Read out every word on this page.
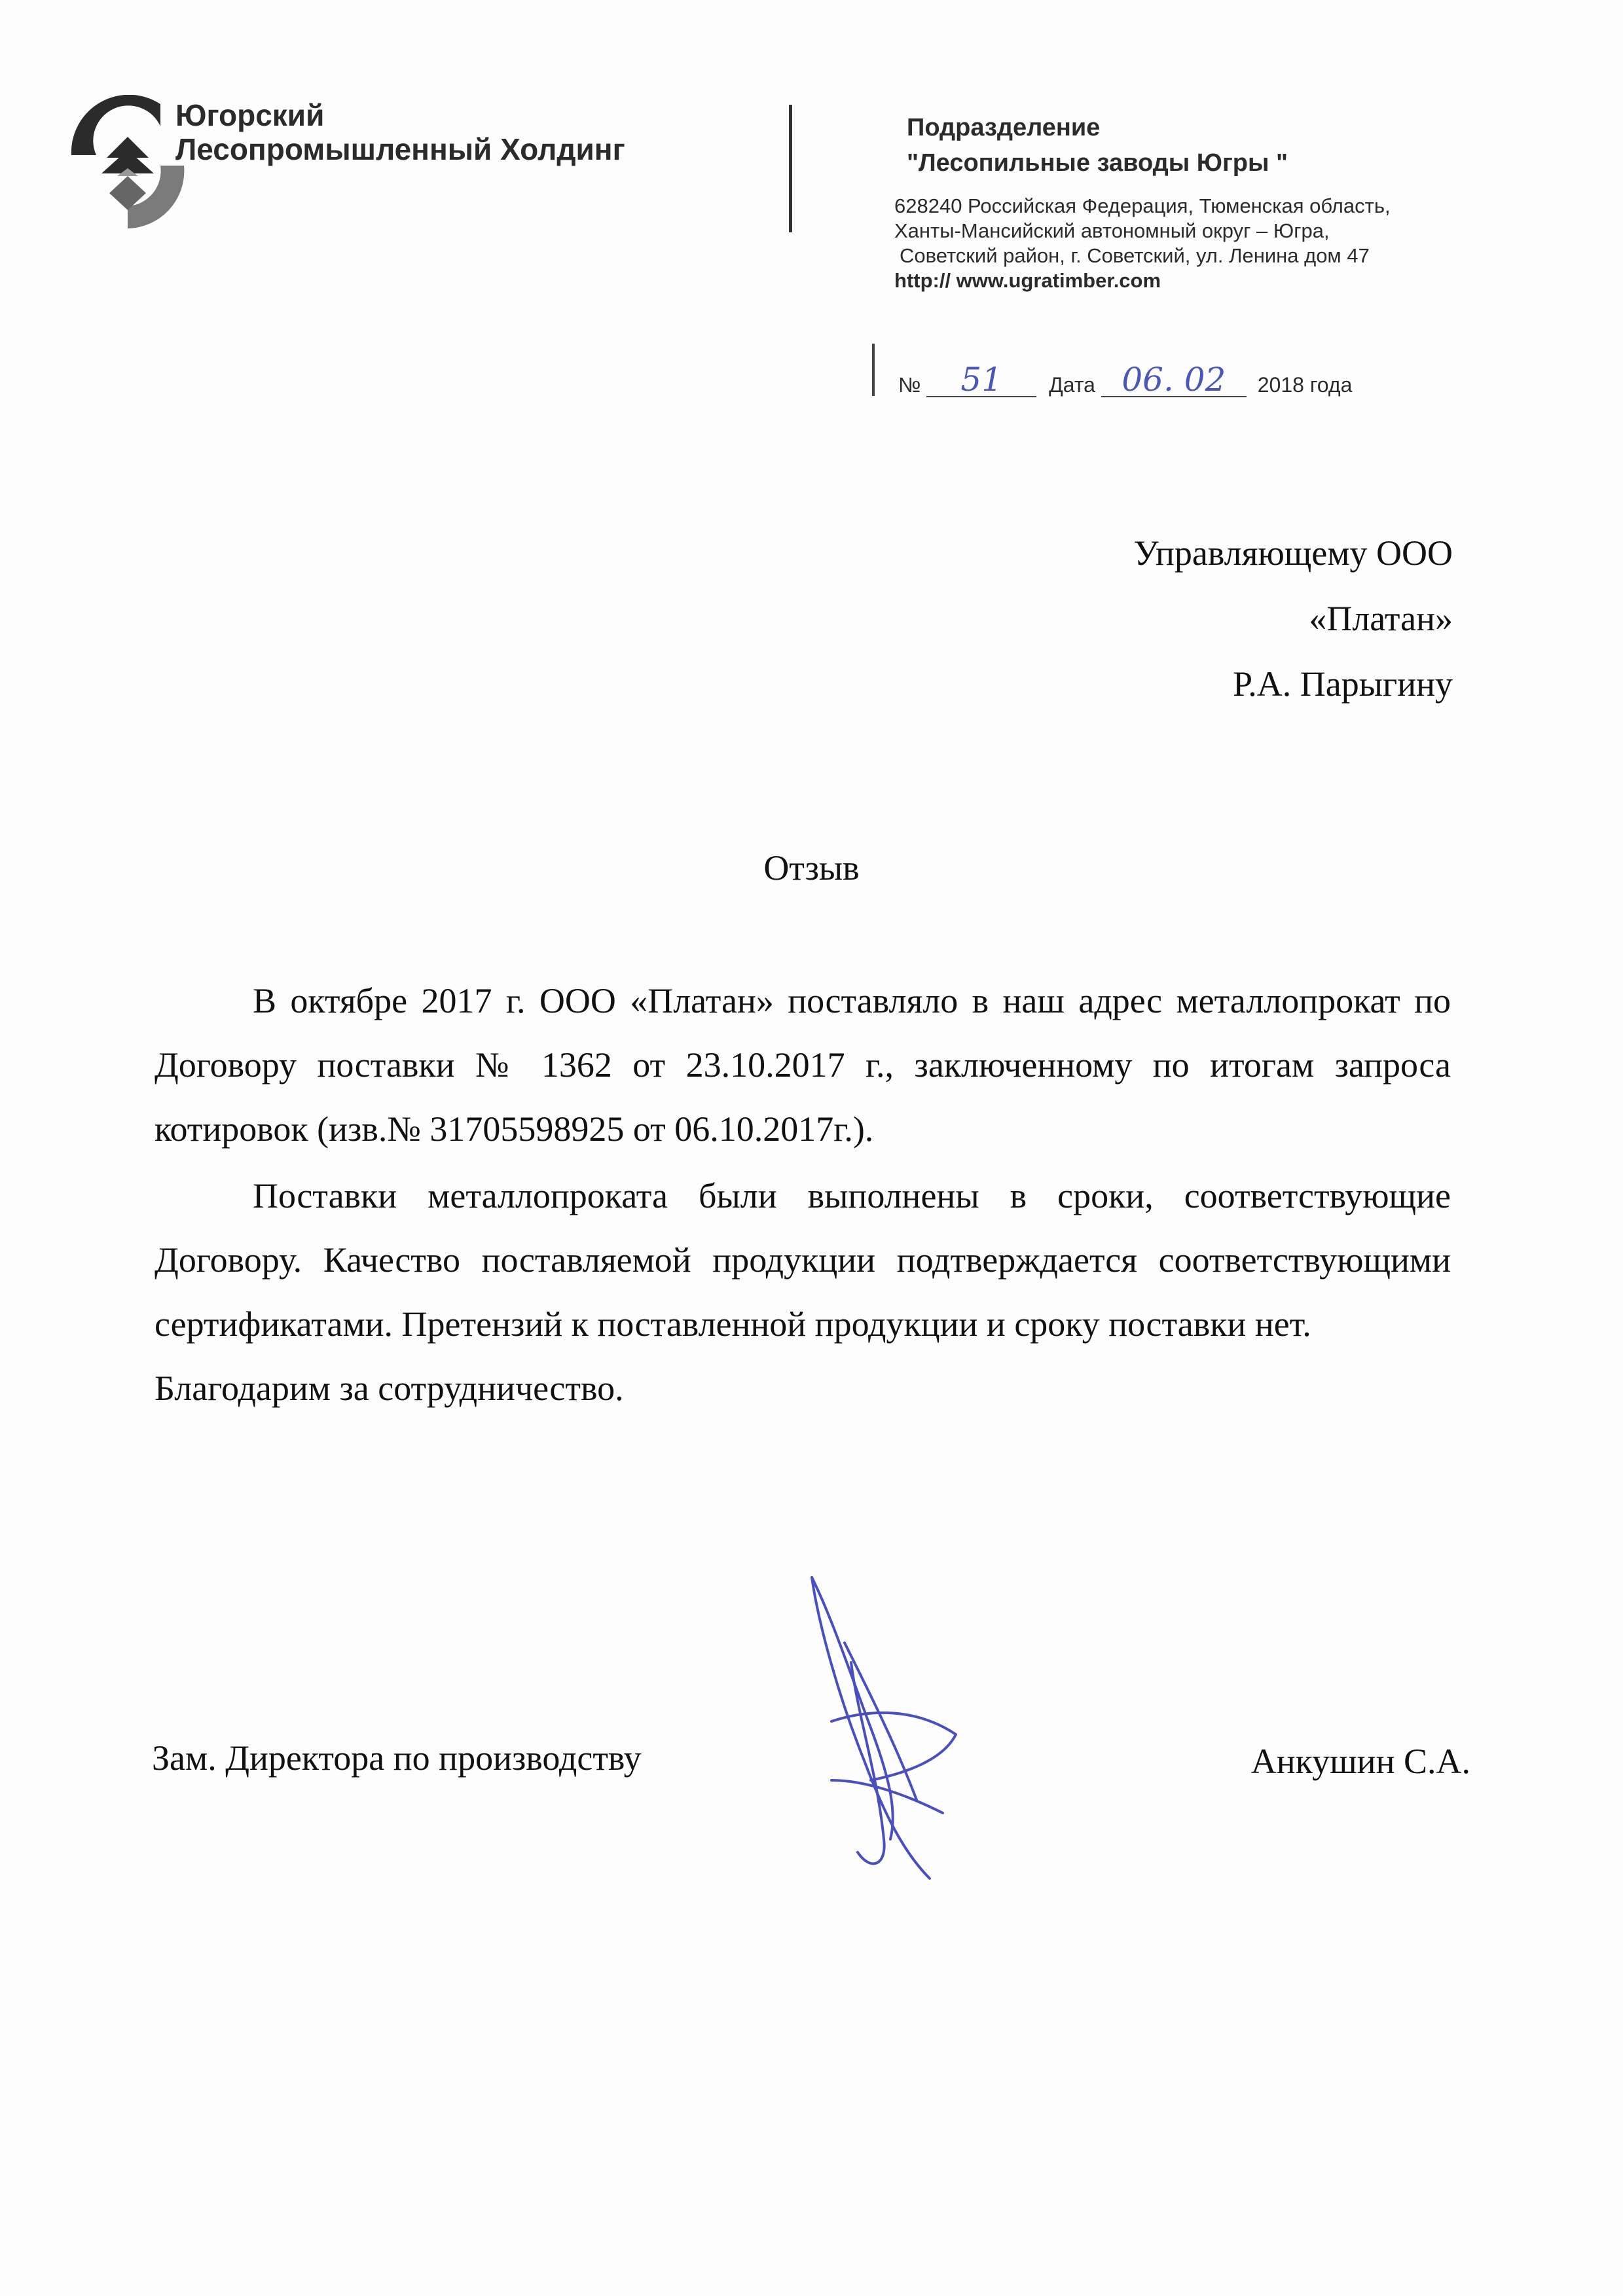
Югорский
Лесопромышленный Холдинг
Подразделение
"Лесопильные заводы Югры "
628240 Российская Федерация, Тюменская область,
Ханты-Мансийский автономный округ – Югра,
Советский район, г. Советский, ул. Ленина дом 47
http:// www.ugratimber.com
№ 51 Дата 06. 02 2018 года
Управляющему ООО
«Платан»
Р.А. Парыгину
Отзыв

В октябре 2017 г. ООО «Платан» поставляло в наш адрес металлопрокат по Договору поставки № 1362 от 23.10.2017 г., заключенному по итогам запроса котировок (изв.№ 31705598925 от 06.10.2017г.).

Поставки металлопроката были выполнены в сроки, соответствующие Договору. Качество поставляемой продукции подтверждается соответствующими сертификатами. Претензий к поставленной продукции и сроку поставки нет.

Благодарим за сотрудничество.

Зам. Директора по производству	Анкушин С.А.
